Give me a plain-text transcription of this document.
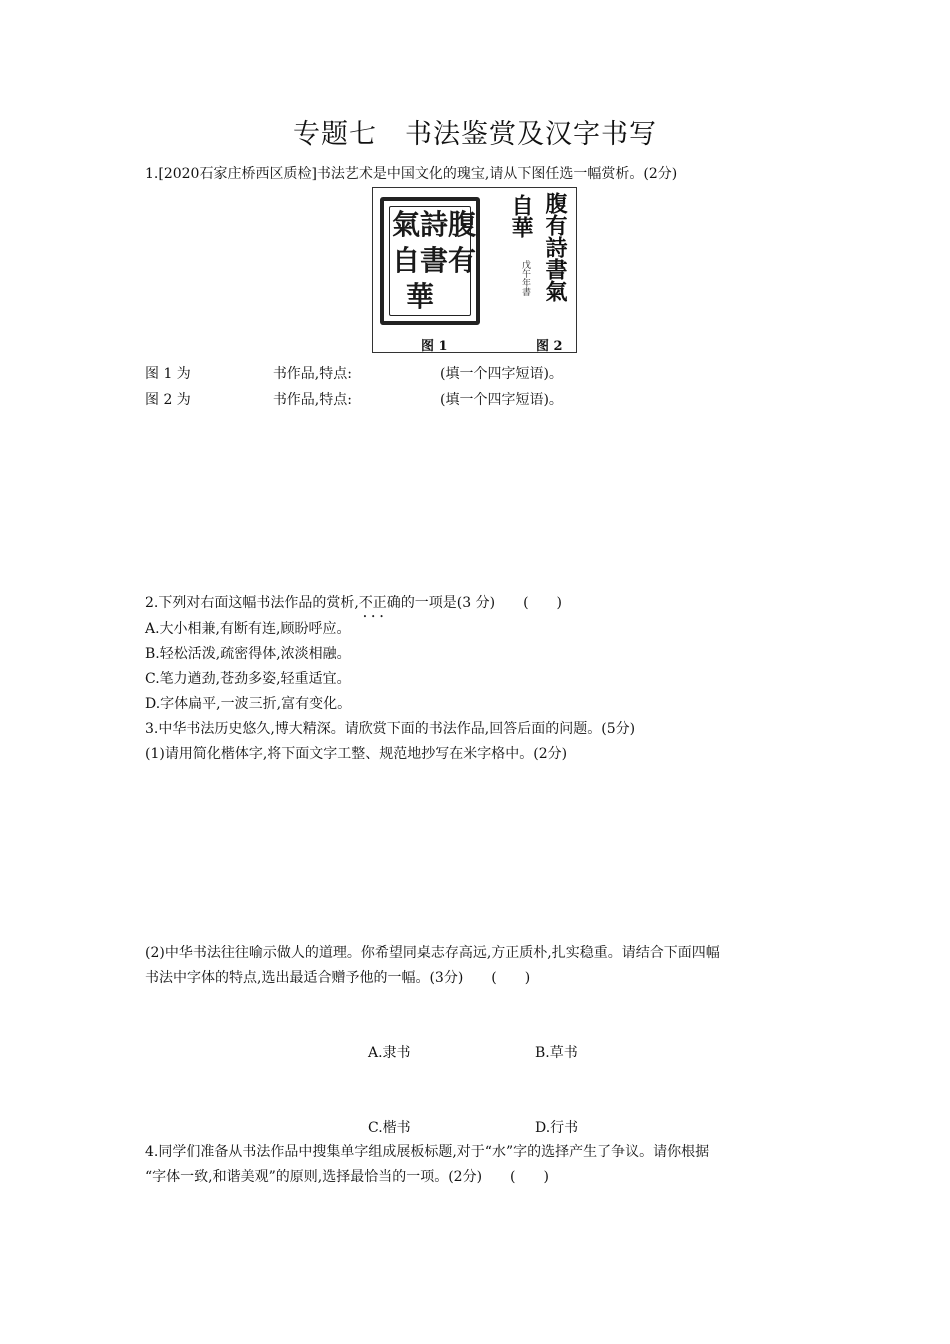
专题七　书法鉴赏及汉字书写
1.[2020石家庄桥西区质检]书法艺术是中国文化的瑰宝,请从下图任选一幅赏析。(2分)
腹
有
詩
書
氣
自
華	腹有詩書氣
自華
戊午年書
图 1	图 2
图 1 为	书作品,特点:	(填一个四字短语)。
图 2 为	书作品,特点:	(填一个四字短语)。
2.下列对右面这幅书法作品的赏析,不正确 • • •的一项是(3 分)　　(　　)
A.大小相兼,有断有连,顾盼呼应。
B.轻松活泼,疏密得体,浓淡相融。
C.笔力遒劲,苍劲多姿,轻重适宜。
D.字体扁平,一波三折,富有变化。
3.中华书法历史悠久,博大精深。请欣赏下面的书法作品,回答后面的问题。(5分)
(1)请用简化楷体字,将下面文字工整、规范地抄写在米字格中。(2分)
(2)中华书法往往喻示做人的道理。你希望同桌志存高远,方正质朴,扎实稳重。请结合下面四幅
书法中字体的特点,选出最适合赠予他的一幅。(3分)　　(　　)
A.隶书	B.草书
C.楷书	D.行书
4.同学们准备从书法作品中搜集单字组成展板标题,对于“水”字的选择产生了争议。请你根据
“字体一致,和谐美观”的原则,选择最恰当的一项。(2分)　　(　　)
